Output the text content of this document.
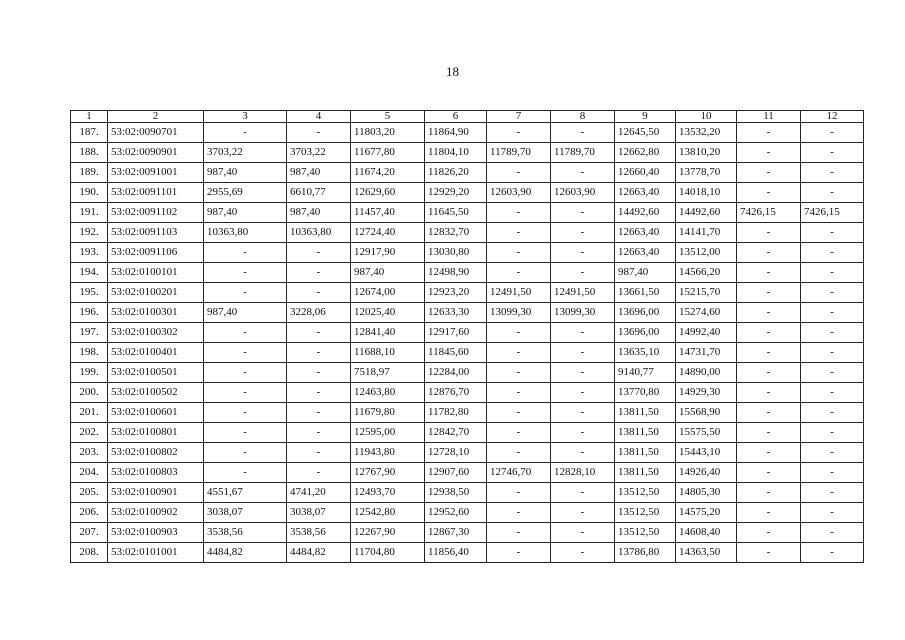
18
1	2	3	4	5	6	7	8	9	10	11	12
187.	53:02:0090701	-	-	11803,20	11864,90	-	-	12645,50	13532,20	-	-
188.	53:02:0090901	3703,22	3703,22	11677,80	11804,10	11789,70	11789,70	12662,80	13810,20	-	-
189.	53:02:0091001	987,40	987,40	11674,20	11826,20	-	-	12660,40	13778,70	-	-
190.	53:02:0091101	2955,69	6610,77	12629,60	12929,20	12603,90	12603,90	12663,40	14018,10	-	-
191.	53:02:0091102	987,40	987,40	11457,40	11645,50	-	-	14492,60	14492,60	7426,15	7426,15
192.	53:02:0091103	10363,80	10363,80	12724,40	12832,70	-	-	12663,40	14141,70	-	-
193.	53:02:0091106	-	-	12917,90	13030,80	-	-	12663,40	13512,00	-	-
194.	53:02:0100101	-	-	987,40	12498,90	-	-	987,40	14566,20	-	-
195.	53:02:0100201	-	-	12674,00	12923,20	12491,50	12491,50	13661,50	15215,70	-	-
196.	53:02:0100301	987,40	3228,06	12025,40	12633,30	13099,30	13099,30	13696,00	15274,60	-	-
197.	53:02:0100302	-	-	12841,40	12917,60	-	-	13696,00	14992,40	-	-
198.	53:02:0100401	-	-	11688,10	11845,60	-	-	13635,10	14731,70	-	-
199.	53:02:0100501	-	-	7518,97	12284,00	-	-	9140,77	14890,00	-	-
200.	53:02:0100502	-	-	12463,80	12876,70	-	-	13770,80	14929,30	-	-
201.	53:02:0100601	-	-	11679,80	11782,80	-	-	13811,50	15568,90	-	-
202.	53:02:0100801	-	-	12595,00	12842,70	-	-	13811,50	15575,50	-	-
203.	53:02:0100802	-	-	11943,80	12728,10	-	-	13811,50	15443,10	-	-
204.	53:02:0100803	-	-	12767,90	12907,60	12746,70	12828,10	13811,50	14926,40	-	-
205.	53:02:0100901	4551,67	4741,20	12493,70	12938,50	-	-	13512,50	14805,30	-	-
206.	53:02:0100902	3038,07	3038,07	12542,80	12952,60	-	-	13512,50	14575,20	-	-
207.	53:02:0100903	3538,56	3538,56	12267,90	12867,30	-	-	13512,50	14608,40	-	-
208.	53:02:0101001	4484,82	4484,82	11704,80	11856,40	-	-	13786,80	14363,50	-	-
